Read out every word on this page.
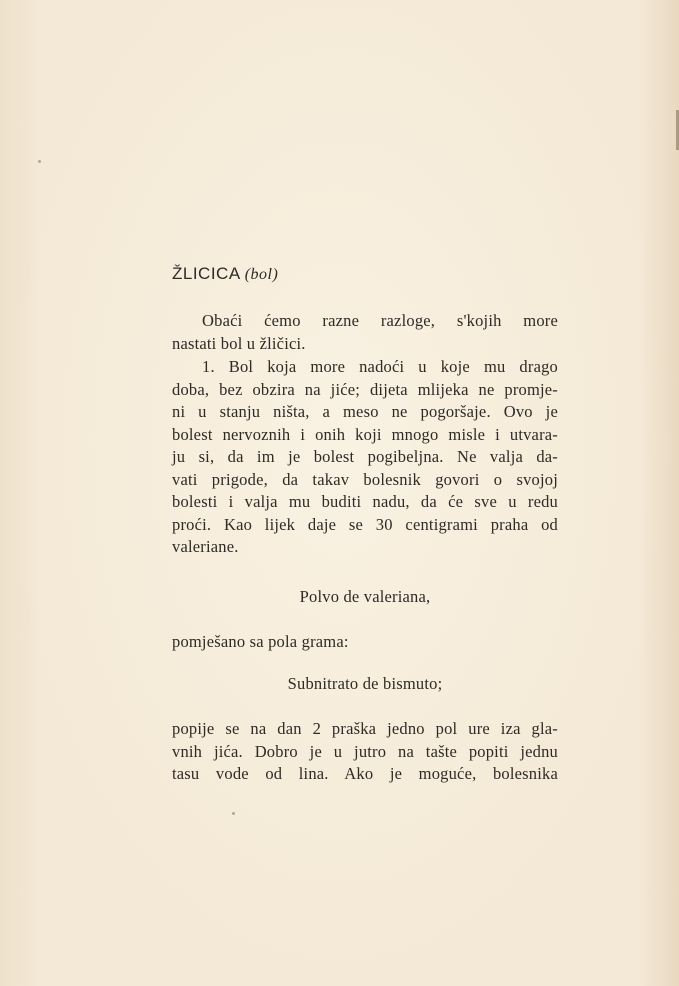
ŽLICICA (bol)
Obaći ćemo razne razloge, s'kojih more
nastati bol u žličici.
1. Bol koja more nadoći u koje mu drago
doba, bez obzira na jiće; dijeta mlijeka ne promje-
ni u stanju ništa, a meso ne pogoršaje. Ovo je
bolest nervoznih i onih koji mnogo misle i utvara-
ju si, da im je bolest pogibeljna. Ne valja da-
vati prigode, da takav bolesnik govori o svojoj
bolesti i valja mu buditi nadu, da će sve u redu
proći. Kao lijek daje se 30 centigrami praha od
valeriane.
Polvo de valeriana,
pomješano sa pola grama:
Subnitrato de bismuto;
popije se na dan 2 praška jedno pol ure iza gla-
vnih jića. Dobro je u jutro na tašte popiti jednu
tasu vode od lina. Ako je moguće, bolesnika
